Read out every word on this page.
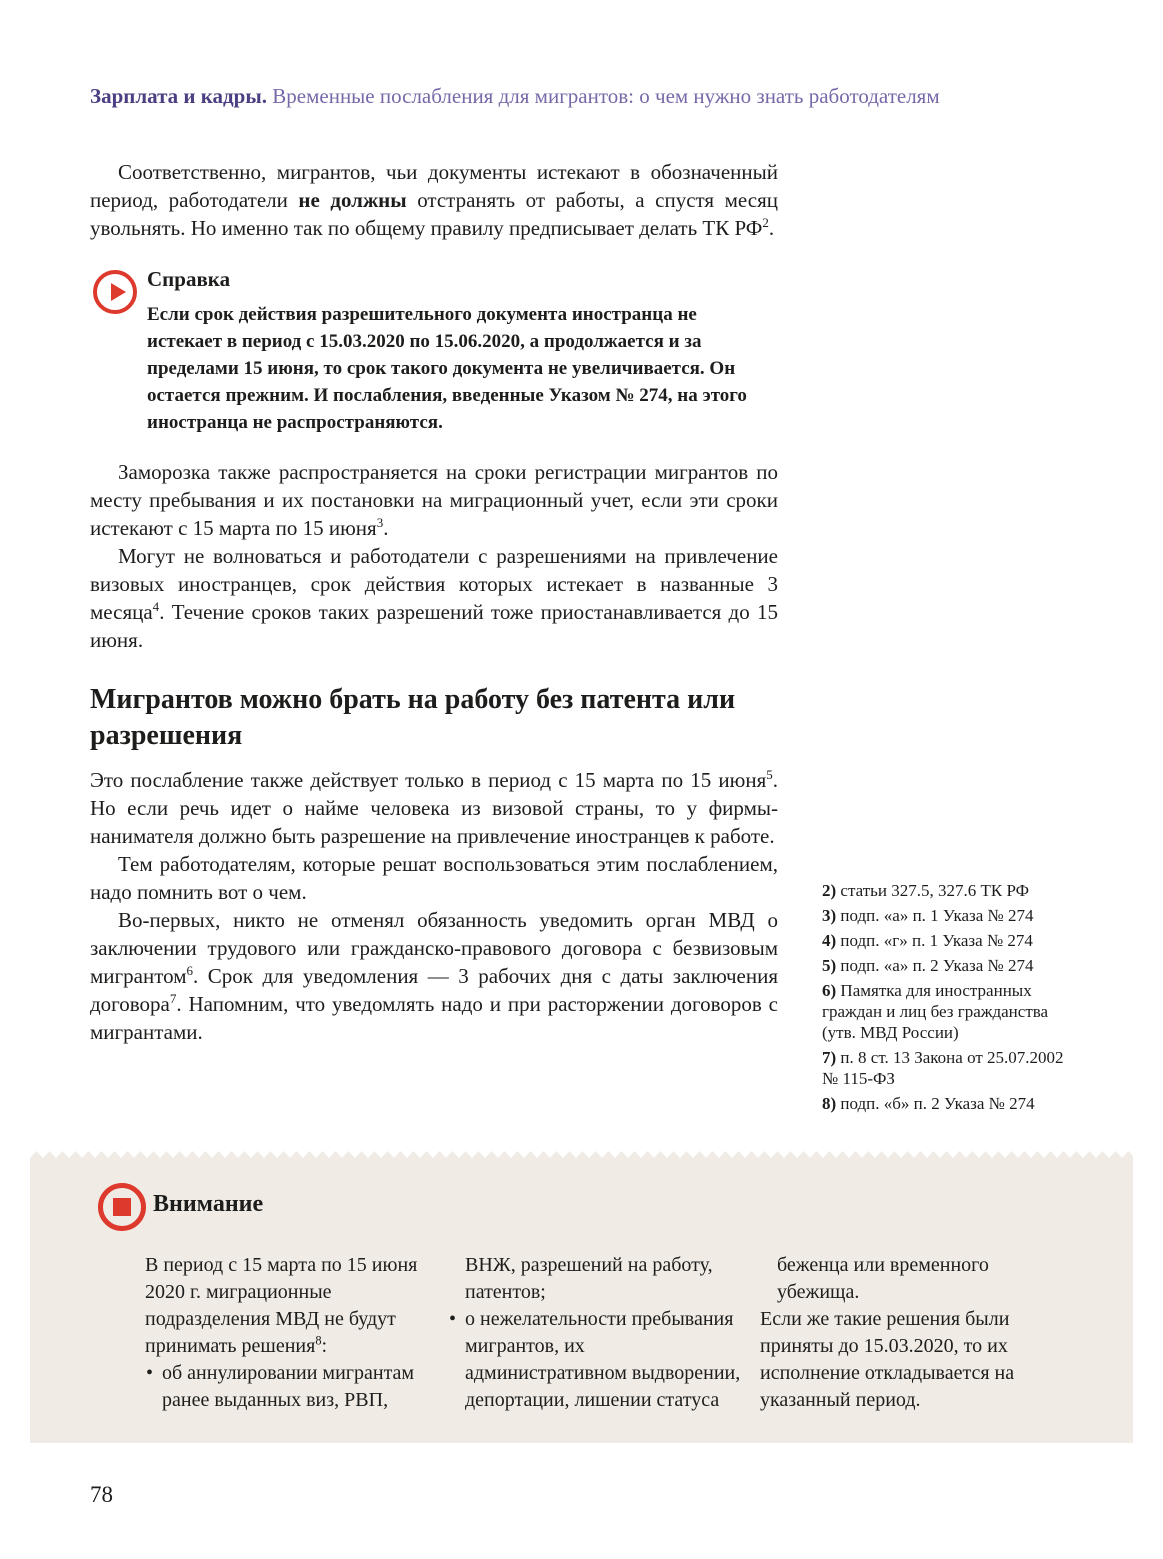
Зарплата и кадры. Временные послабления для мигрантов: о чем нужно знать работодателям

Соответственно, мигрантов, чьи документы истекают в обозначенный период, работодатели не должны отстранять от работы, а спустя месяц увольнять. Но именно так по общему правилу предписывает делать ТК $РФ^2$.

Справка
Если срок действия разрешительного документа иностранца не истекает в период с 15.03.2020 по 15.06.2020, а продолжается и за пределами 15 июня, то срок такого документа не увеличивается. Он остается прежним. И послабления, введенные Указом № 274, на этого иностранца не распространяются.

Заморозка также распространяется на сроки регистрации мигрантов по месту пребывания и их постановки на миграционный учет, если эти сроки истекают с 15 марта по 15 июня$^3$.

Могут не волноваться и работодатели с разрешениями на привлечение визовых иностранцев, срок действия которых истекает в названные 3 месяца$^4$. Течение сроков таких разрешений тоже приостанавливается до 15 июня.

Мигрантов можно брать на работу без патента или разрешения

Это послабление также действует только в период с 15 марта по 15 июня$^5$. Но если речь идет о найме человека из визовой страны, то у фирмы-нанимателя должно быть разрешение на привлечение иностранцев к работе.

Тем работодателям, которые решат воспользоваться этим послаблением, надо помнить вот о чем.

Во-первых, никто не отменял обязанность уведомить орган МВД о заключении трудового или гражданско-правового договора с безвизовым мигрантом$^6$. Срок для уведомления — 3 рабочих дня с даты заключения договора$^7$. Напомним, что уведомлять надо и при расторжении договоров с мигрантами.

2) статьи 327.5, 327.6 ТК РФ
3) подп. «а» п. 1 Указа № 274
4) подп. «г» п. 1 Указа № 274
5) подп. «а» п. 2 Указа № 274
6) Памятка для иностранных граждан и лиц без гражданства (утв. МВД России)
7) п. 8 ст. 13 Закона от 25.07.2002 № 115-ФЗ
8) подп. «б» п. 2 Указа № 274
Внимание
В период с 15 марта по 15 июня 2020 г. миграционные подразделения МВД не будут принимать решения$^8$:
• об аннулировании мигрантам ранее выданных виз, РВП,
ВНЖ, разрешений на работу, патентов;
• о нежелательности пребывания мигрантов, их административном выдворении, депортации, лишении статуса
беженца или временного убежища.
Если же такие решения были приняты до 15.03.2020, то их исполнение откладывается на указанный период.
78
